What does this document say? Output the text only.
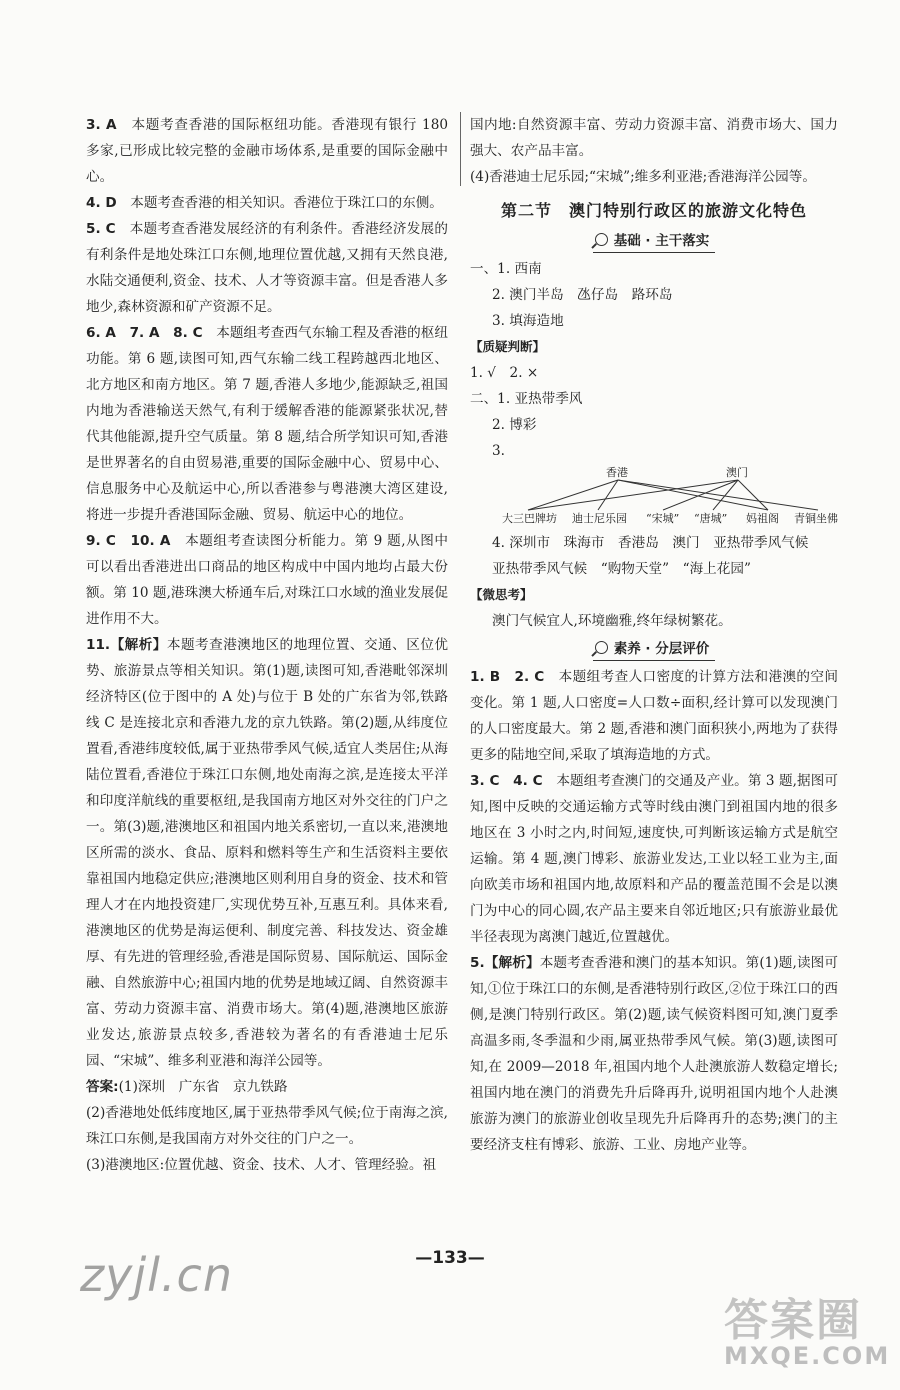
3. A　 本题考查香港的国际枢纽功能。香港现有银行 180 多家,已形成比较完整的金融市场体系,是重要的国际金融中心。

4. D　 本题考查香港的相关知识。香港位于珠江口的东侧。

5. C　 本题考查香港发展经济的有利条件。香港经济发展的有利条件是地处珠江口东侧,地理位置优越,又拥有天然良港,水陆交通便利,资金、技术、人才等资源丰富。但是香港人多地少,森林资源和矿产资源不足。

6. A　7. A　8. C　 本题组考查西气东输工程及香港的枢纽功能。第 6 题,读图可知,西气东输二线工程跨越西北地区、北方地区和南方地区。第 7 题,香港人多地少,能源缺乏,祖国内地为香港输送天然气,有利于缓解香港的能源紧张状况,替代其他能源,提升空气质量。第 8 题,结合所学知识可知,香港是世界著名的自由贸易港,重要的国际金融中心、贸易中心、信息服务中心及航运中心,所以香港参与粤港澳大湾区建设,将进一步提升香港国际金融、贸易、航运中心的地位。

9. C　10. A　 本题组考查读图分析能力。第 9 题,从图中可以看出香港进出口商品的地区构成中中国内地均占最大份额。第 10 题,港珠澳大桥通车后,对珠江口水域的渔业发展促进作用不大。

11.【解析】本题考查港澳地区的地理位置、交通、区位优势、旅游景点等相关知识。第(1)题,读图可知,香港毗邻深圳经济特区(位于图中的 A 处)与位于 B 处的广东省为邻,铁路线 C 是连接北京和香港九龙的京九铁路。第(2)题,从纬度位置看,香港纬度较低,属于亚热带季风气候,适宜人类居住;从海陆位置看,香港位于珠江口东侧,地处南海之滨,是连接太平洋和印度洋航线的重要枢纽,是我国南方地区对外交往的门户之一。第(3)题,港澳地区和祖国内地关系密切,一直以来,港澳地区所需的淡水、食品、原料和燃料等生产和生活资料主要依靠祖国内地稳定供应;港澳地区则利用自身的资金、技术和管理人才在内地投资建厂,实现优势互补,互惠互利。具体来看,港澳地区的优势是海运便利、制度完善、科技发达、资金雄厚、有先进的管理经验,香港是国际贸易、国际航运、国际金融、自然旅游中心;祖国内地的优势是地域辽阔、自然资源丰富、劳动力资源丰富、消费市场大。第(4)题,港澳地区旅游业发达,旅游景点较多,香港较为著名的有香港迪士尼乐园、“宋城”、维多利亚港和海洋公园等。

答案:(1)深圳　广东省　京九铁路

(2)香港地处低纬度地区,属于亚热带季风气候;位于南海之滨,珠江口东侧,是我国南方对外交往的门户之一。

(3)港澳地区:位置优越、资金、技术、人才、管理经验。祖

国内地:自然资源丰富、劳动力资源丰富、消费市场大、国力强大、农产品丰富。

(4)香港迪士尼乐园;“宋城”;维多利亚港;香港海洋公园等。

第二节　澳门特别行政区的旅游文化特色
基础 · 主干落实

一、1. 西南

2. 澳门半岛　氹仔岛　路环岛

3. 填海造地

【质疑判断】

1. √　2. ×

二、1. 亚热带季风

2. 博彩

3.

香港	澳门
大三巴牌坊 迪士尼乐园 “宋城” “唐城” 妈祖阁 青铜坐佛

4. 深圳市　珠海市　香港岛　澳门　亚热带季风气候

亚热带季风气候　“购物天堂”　“海上花园”

【微思考】

澳门气候宜人,环境幽雅,终年绿树繁花。

素养 · 分层评价

1. B　2. C　 本题组考查人口密度的计算方法和港澳的空间变化。第 1 题,人口密度=人口数÷面积,经计算可以发现澳门的人口密度最大。第 2 题,香港和澳门面积狭小,两地为了获得更多的陆地空间,采取了填海造地的方式。

3. C　4. C　 本题组考查澳门的交通及产业。第 3 题,据图可知,图中反映的交通运输方式等时线由澳门到祖国内地的很多地区在 3 小时之内,时间短,速度快,可判断该运输方式是航空运输。第 4 题,澳门博彩、旅游业发达,工业以轻工业为主,面向欧美市场和祖国内地,故原料和产品的覆盖范围不会是以澳门为中心的同心圆,农产品主要来自邻近地区;只有旅游业最优半径表现为离澳门越近,位置越优。

5.【解析】本题考查香港和澳门的基本知识。第(1)题,读图可知,①位于珠江口的东侧,是香港特别行政区,②位于珠江口的西侧,是澳门特别行政区。第(2)题,读气候资料图可知,澳门夏季高温多雨,冬季温和少雨,属亚热带季风气候。第(3)题,读图可知,在 2009—2018 年,祖国内地个人赴澳旅游人数稳定增长;祖国内地在澳门的消费先升后降再升,说明祖国内地个人赴澳旅游为澳门的旅游业创收呈现先升后降再升的态势;澳门的主要经济支柱有博彩、旅游、工业、房地产业等。

—133—
zyjl.cn
答案圈
MXQE.COM
